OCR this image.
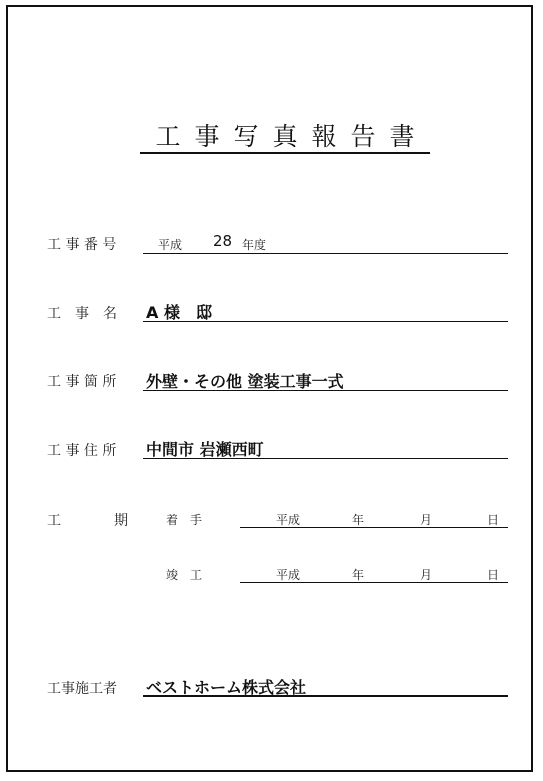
工事写真報告書
工 事 番 号	平成 28 年度
工　事　名 A 様　邸
工 事 箇 所 外壁・その他 塗装工事一式
工 事 住 所 中間市 岩瀬西町
工	期	着　手	平成	年	月	日
竣　工	平成	年	月	日
工事施工者 ベストホーム株式会社
